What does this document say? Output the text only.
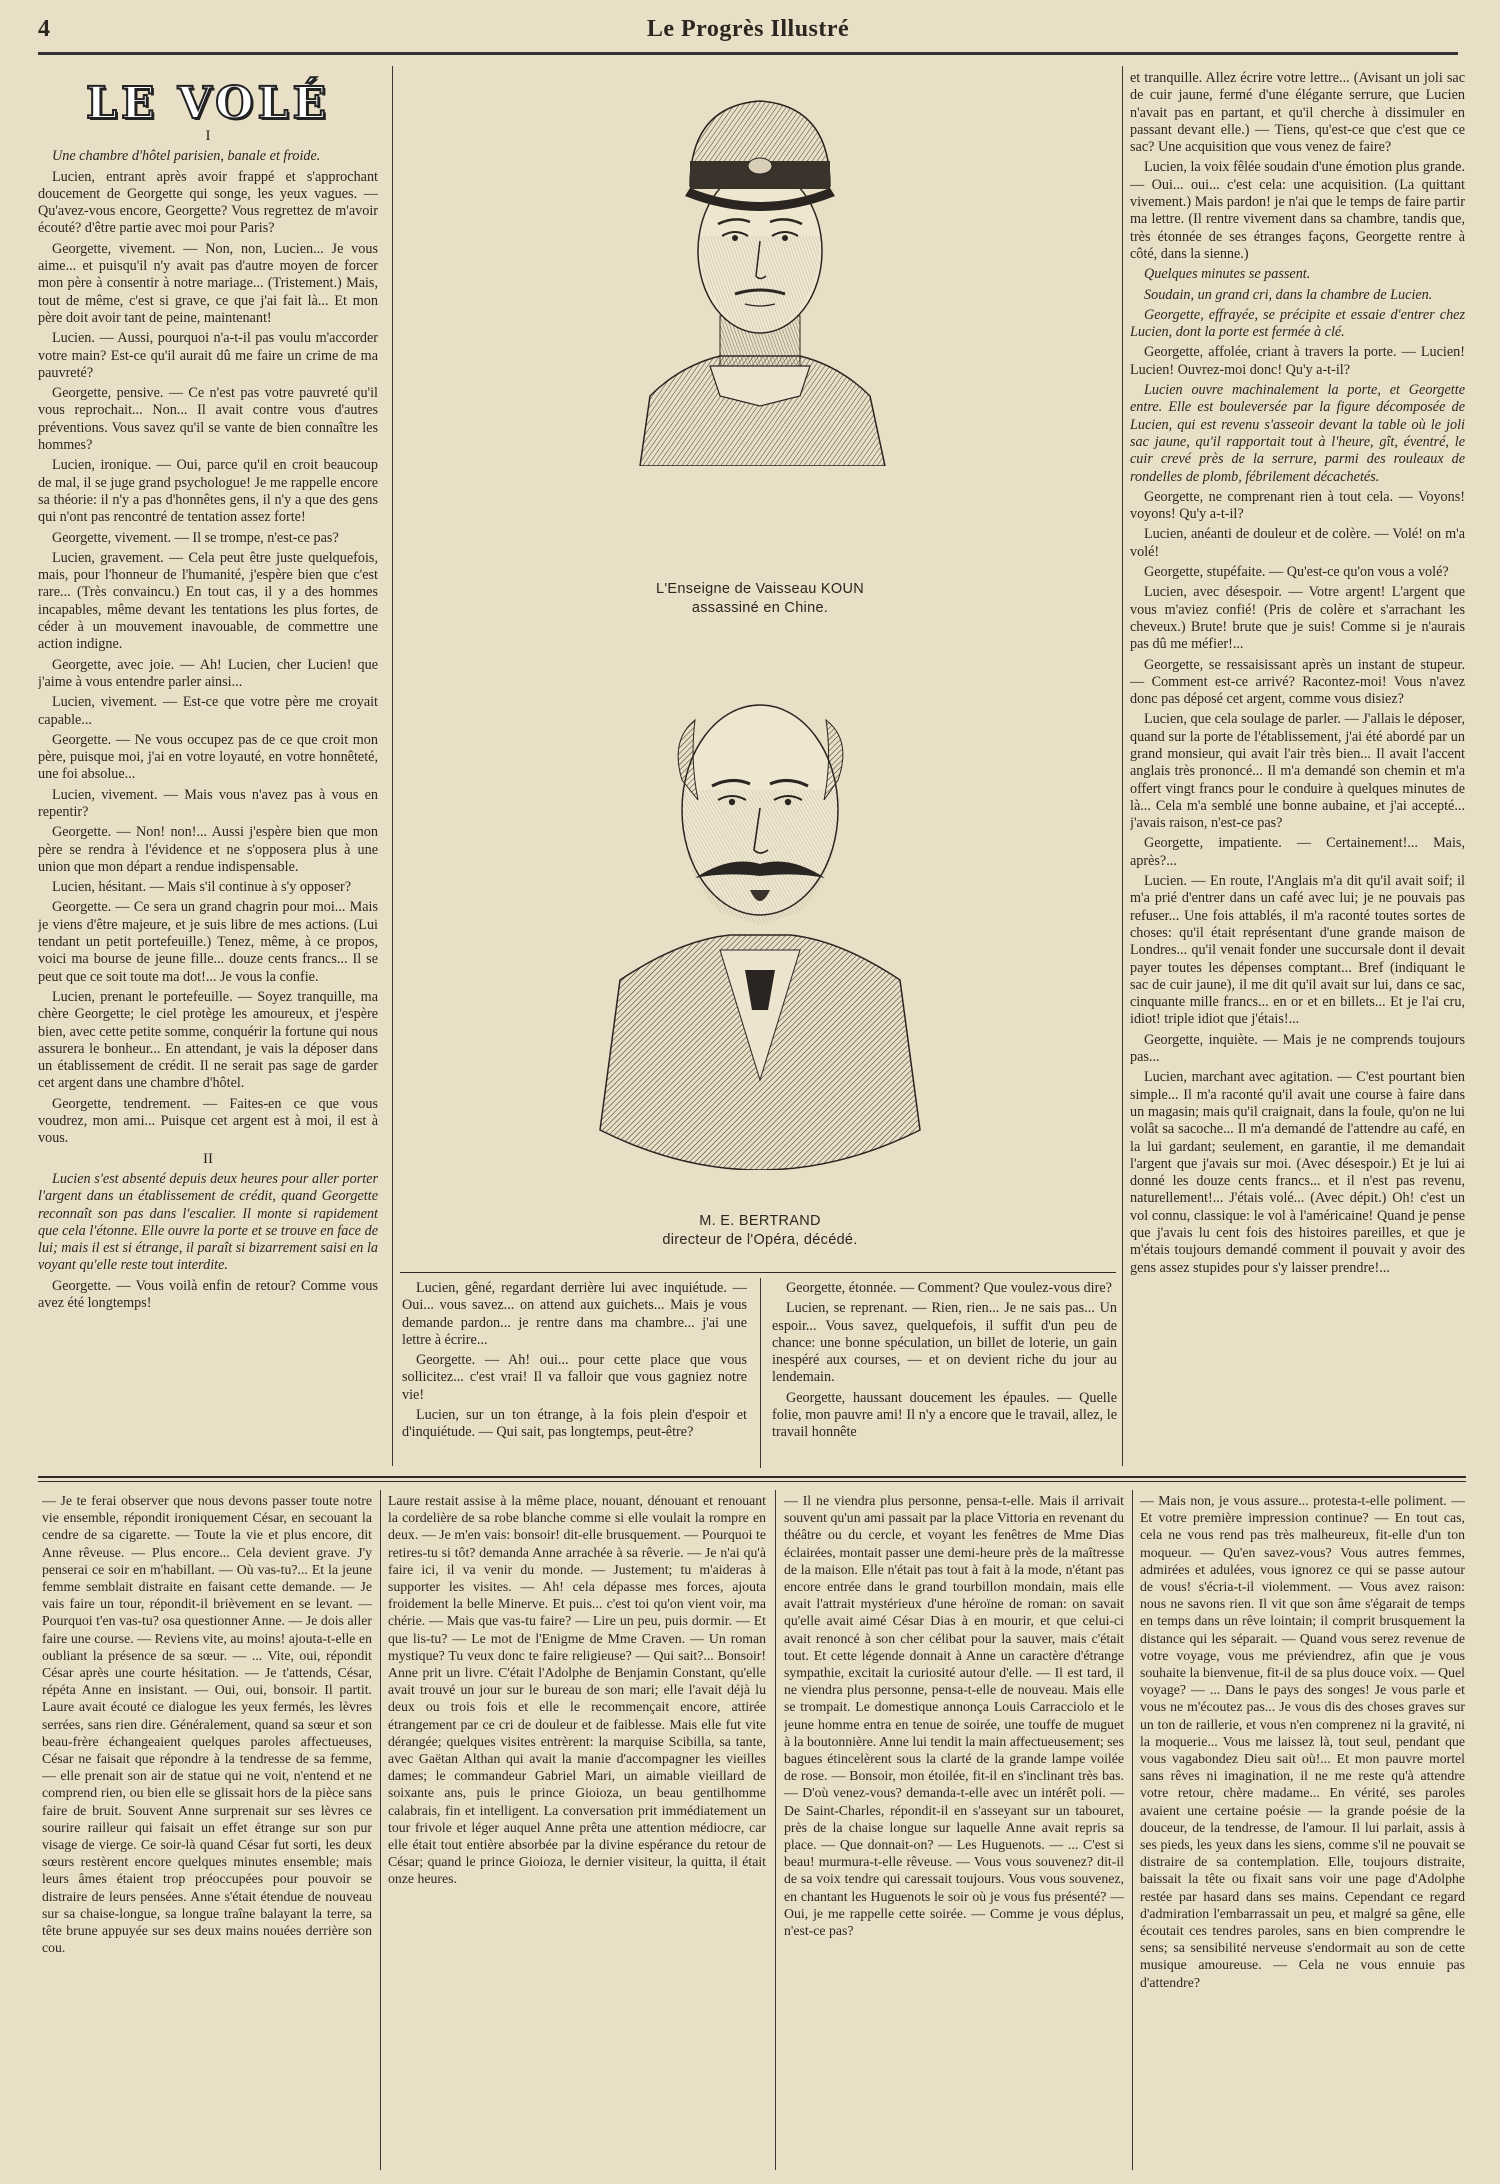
4	Le Progrès Illustré
LE VOLÉ

I

Une chambre d'hôtel parisien, banale et froide.

Lucien, entrant après avoir frappé et s'approchant doucement de Georgette qui songe, les yeux vagues. — Qu'avez-vous encore, Georgette? Vous regrettez de m'avoir écouté? d'être partie avec moi pour Paris?

Georgette, vivement. — Non, non, Lucien... Je vous aime... et puisqu'il n'y avait pas d'autre moyen de forcer mon père à consentir à notre mariage... (Tristement.) Mais, tout de même, c'est si grave, ce que j'ai fait là... Et mon père doit avoir tant de peine, maintenant!

Lucien. — Aussi, pourquoi n'a-t-il pas voulu m'accorder votre main? Est-ce qu'il aurait dû me faire un crime de ma pauvreté?

Georgette, pensive. — Ce n'est pas votre pauvreté qu'il vous reprochait... Non... Il avait contre vous d'autres préventions. Vous savez qu'il se vante de bien connaître les hommes?

Lucien, ironique. — Oui, parce qu'il en croit beaucoup de mal, il se juge grand psychologue! Je me rappelle encore sa théorie: il n'y a pas d'honnêtes gens, il n'y a que des gens qui n'ont pas rencontré de tentation assez forte!

Georgette, vivement. — Il se trompe, n'est-ce pas?

Lucien, gravement. — Cela peut être juste quelquefois, mais, pour l'honneur de l'humanité, j'espère bien que c'est rare... (Très convaincu.) En tout cas, il y a des hommes incapables, même devant les tentations les plus fortes, de céder à un mouvement inavouable, de commettre une action indigne.

Georgette, avec joie. — Ah! Lucien, cher Lucien! que j'aime à vous entendre parler ainsi...

Lucien, vivement. — Est-ce que votre père me croyait capable...

Georgette. — Ne vous occupez pas de ce que croit mon père, puisque moi, j'ai en votre loyauté, en votre honnêteté, une foi absolue...

Lucien, vivement. — Mais vous n'avez pas à vous en repentir?

Georgette. — Non! non!... Aussi j'espère bien que mon père se rendra à l'évidence et ne s'opposera plus à une union que mon départ a rendue indispensable.

Lucien, hésitant. — Mais s'il continue à s'y opposer?

Georgette. — Ce sera un grand chagrin pour moi... Mais je viens d'être majeure, et je suis libre de mes actions. (Lui tendant un petit portefeuille.) Tenez, même, à ce propos, voici ma bourse de jeune fille... douze cents francs... Il se peut que ce soit toute ma dot!... Je vous la confie.

Lucien, prenant le portefeuille. — Soyez tranquille, ma chère Georgette; le ciel protège les amoureux, et j'espère bien, avec cette petite somme, conquérir la fortune qui nous assurera le bonheur... En attendant, je vais la déposer dans un établissement de crédit. Il ne serait pas sage de garder cet argent dans une chambre d'hôtel.

Georgette, tendrement. — Faites-en ce que vous voudrez, mon ami... Puisque cet argent est à moi, il est à vous.

II

Lucien s'est absenté depuis deux heures pour aller porter l'argent dans un établissement de crédit, quand Georgette reconnaît son pas dans l'escalier. Il monte si rapidement que cela l'étonne. Elle ouvre la porte et se trouve en face de lui; mais il est si étrange, il paraît si bizarrement saisi en la voyant qu'elle reste tout interdite.

Georgette. — Vous voilà enfin de retour? Comme vous avez été longtemps!

L'Enseigne de Vaisseau KOUN
assassiné en Chine.
M. E. BERTRAND
directeur de l'Opéra, décédé.

et tranquille. Allez écrire votre lettre... (Avisant un joli sac de cuir jaune, fermé d'une élégante serrure, que Lucien n'avait pas en partant, et qu'il cherche à dissimuler en passant devant elle.) — Tiens, qu'est-ce que c'est que ce sac? Une acquisition que vous venez de faire?

Lucien, la voix fêlée soudain d'une émotion plus grande. — Oui... oui... c'est cela: une acquisition. (La quittant vivement.) Mais pardon! je n'ai que le temps de faire partir ma lettre. (Il rentre vivement dans sa chambre, tandis que, très étonnée de ses étranges façons, Georgette rentre à côté, dans la sienne.)

Quelques minutes se passent.

Soudain, un grand cri, dans la chambre de Lucien.

Georgette, effrayée, se précipite et essaie d'entrer chez Lucien, dont la porte est fermée à clé.

Georgette, affolée, criant à travers la porte. — Lucien! Lucien! Ouvrez-moi donc! Qu'y a-t-il?

Lucien ouvre machinalement la porte, et Georgette entre. Elle est bouleversée par la figure décomposée de Lucien, qui est revenu s'asseoir devant la table où le joli sac jaune, qu'il rapportait tout à l'heure, gît, éventré, le cuir crevé près de la serrure, parmi des rouleaux de rondelles de plomb, fébrilement décachetés.

Georgette, ne comprenant rien à tout cela. — Voyons! voyons! Qu'y a-t-il?

Lucien, anéanti de douleur et de colère. — Volé! on m'a volé!

Georgette, stupéfaite. — Qu'est-ce qu'on vous a volé?

Lucien, avec désespoir. — Votre argent! L'argent que vous m'aviez confié! (Pris de colère et s'arrachant les cheveux.) Brute! brute que je suis! Comme si je n'aurais pas dû me méfier!...

Georgette, se ressaisissant après un instant de stupeur. — Comment est-ce arrivé? Racontez-moi! Vous n'avez donc pas déposé cet argent, comme vous disiez?

Lucien, que cela soulage de parler. — J'allais le déposer, quand sur la porte de l'établissement, j'ai été abordé par un grand monsieur, qui avait l'air très bien... Il avait l'accent anglais très prononcé... Il m'a demandé son chemin et m'a offert vingt francs pour le conduire à quelques minutes de là... Cela m'a semblé une bonne aubaine, et j'ai accepté... j'avais raison, n'est-ce pas?

Georgette, impatiente. — Certainement!... Mais, après?...

Lucien. — En route, l'Anglais m'a dit qu'il avait soif; il m'a prié d'entrer dans un café avec lui; je ne pouvais pas refuser... Une fois attablés, il m'a raconté toutes sortes de choses: qu'il était représentant d'une grande maison de Londres... qu'il venait fonder une succursale dont il devait payer toutes les dépenses comptant... Bref (indiquant le sac de cuir jaune), il me dit qu'il avait sur lui, dans ce sac, cinquante mille francs... en or et en billets... Et je l'ai cru, idiot! triple idiot que j'étais!...

Georgette, inquiète. — Mais je ne comprends toujours pas...

Lucien, marchant avec agitation. — C'est pourtant bien simple... Il m'a raconté qu'il avait une course à faire dans un magasin; mais qu'il craignait, dans la foule, qu'on ne lui volât sa sacoche... Il m'a demandé de l'attendre au café, en la lui gardant; seulement, en garantie, il me demandait l'argent que j'avais sur moi. (Avec désespoir.) Et je lui ai donné les douze cents francs... et il n'est pas revenu, naturellement!... J'étais volé... (Avec dépit.) Oh! c'est un vol connu, classique: le vol à l'américaine! Quand je pense que j'avais lu cent fois des histoires pareilles, et que je m'étais toujours demandé comment il pouvait y avoir des gens assez stupides pour s'y laisser prendre!...

Lucien, gêné, regardant derrière lui avec inquiétude. — Oui... vous savez... on attend aux guichets... Mais je vous demande pardon... je rentre dans ma chambre... j'ai une lettre à écrire...

Georgette. — Ah! oui... pour cette place que vous sollicitez... c'est vrai! Il va falloir que vous gagniez notre vie!

Lucien, sur un ton étrange, à la fois plein d'espoir et d'inquiétude. — Qui sait, pas longtemps, peut-être?

Georgette, étonnée. — Comment? Que voulez-vous dire?

Lucien, se reprenant. — Rien, rien... Je ne sais pas... Un espoir... Vous savez, quelquefois, il suffit d'un peu de chance: une bonne spéculation, un billet de loterie, un gain inespéré aux courses, — et on devient riche du jour au lendemain.

Georgette, haussant doucement les épaules. — Quelle folie, mon pauvre ami! Il n'y a encore que le travail, allez, le travail honnête

— Je te ferai observer que nous devons passer toute notre vie ensemble, répondit ironiquement César, en secouant la cendre de sa cigarette. — Toute la vie et plus encore, dit Anne rêveuse. — Plus encore... Cela devient grave. J'y penserai ce soir en m'habillant. — Où vas-tu?... Et la jeune femme semblait distraite en faisant cette demande. — Je vais faire un tour, répondit-il brièvement en se levant. — Pourquoi t'en vas-tu? osa questionner Anne. — Je dois aller faire une course. — Reviens vite, au moins! ajouta-t-elle en oubliant la présence de sa sœur. — ... Vite, oui, répondit César après une courte hésitation. — Je t'attends, César, répéta Anne en insistant. — Oui, oui, bonsoir. Il partit. Laure avait écouté ce dialogue les yeux fermés, les lèvres serrées, sans rien dire. Généralement, quand sa sœur et son beau-frère échangeaient quelques paroles affectueuses, César ne faisait que répondre à la tendresse de sa femme, — elle prenait son air de statue qui ne voit, n'entend et ne comprend rien, ou bien elle se glissait hors de la pièce sans faire de bruit. Souvent Anne surprenait sur ses lèvres ce sourire railleur qui faisait un effet étrange sur son pur visage de vierge. Ce soir-là quand César fut sorti, les deux sœurs restèrent encore quelques minutes ensemble; mais leurs âmes étaient trop préoccupées pour pouvoir se distraire de leurs pensées. Anne s'était étendue de nouveau sur sa chaise-longue, sa longue traîne balayant la terre, sa tête brune appuyée sur ses deux mains nouées derrière son cou.

Laure restait assise à la même place, nouant, dénouant et renouant la cordelière de sa robe blanche comme si elle voulait la rompre en deux. — Je m'en vais: bonsoir! dit-elle brusquement. — Pourquoi te retires-tu si tôt? demanda Anne arrachée à sa rêverie. — Je n'ai qu'à faire ici, il va venir du monde. — Justement; tu m'aideras à supporter les visites. — Ah! cela dépasse mes forces, ajouta froidement la belle Minerve. Et puis... c'est toi qu'on vient voir, ma chérie. — Mais que vas-tu faire? — Lire un peu, puis dormir. — Et que lis-tu? — Le mot de l'Enigme de Mme Craven. — Un roman mystique? Tu veux donc te faire religieuse? — Qui sait?... Bonsoir! Anne prit un livre. C'était l'Adolphe de Benjamin Constant, qu'elle avait trouvé un jour sur le bureau de son mari; elle l'avait déjà lu deux ou trois fois et elle le recommençait encore, attirée étrangement par ce cri de douleur et de faiblesse. Mais elle fut vite dérangée; quelques visites entrèrent: la marquise Scibilla, sa tante, avec Gaëtan Althan qui avait la manie d'accompagner les vieilles dames; le commandeur Gabriel Mari, un aimable vieillard de soixante ans, puis le prince Gioioza, un beau gentilhomme calabrais, fin et intelligent. La conversation prit immédiatement un tour frivole et léger auquel Anne prêta une attention médiocre, car elle était tout entière absorbée par la divine espérance du retour de César; quand le prince Gioioza, le dernier visiteur, la quitta, il était onze heures.

— Il ne viendra plus personne, pensa-t-elle. Mais il arrivait souvent qu'un ami passait par la place Vittoria en revenant du théâtre ou du cercle, et voyant les fenêtres de Mme Dias éclairées, montait passer une demi-heure près de la maîtresse de la maison. Elle n'était pas tout à fait à la mode, n'étant pas encore entrée dans le grand tourbillon mondain, mais elle avait l'attrait mystérieux d'une héroïne de roman: on savait qu'elle avait aimé César Dias à en mourir, et que celui-ci avait renoncé à son cher célibat pour la sauver, mais c'était tout. Et cette légende donnait à Anne un caractère d'étrange sympathie, excitait la curiosité autour d'elle. — Il est tard, il ne viendra plus personne, pensa-t-elle de nouveau. Mais elle se trompait. Le domestique annonça Louis Carracciolo et le jeune homme entra en tenue de soirée, une touffe de muguet à la boutonnière. Anne lui tendit la main affectueusement; ses bagues étincelèrent sous la clarté de la grande lampe voilée de rose. — Bonsoir, mon étoilée, fit-il en s'inclinant très bas. — D'où venez-vous? demanda-t-elle avec un intérêt poli. — De Saint-Charles, répondit-il en s'asseyant sur un tabouret, près de la chaise longue sur laquelle Anne avait repris sa place. — Que donnait-on? — Les Huguenots. — ... C'est si beau! murmura-t-elle rêveuse. — Vous vous souvenez? dit-il de sa voix tendre qui caressait toujours. Vous vous souvenez, en chantant les Huguenots le soir où je vous fus présenté? — Oui, je me rappelle cette soirée. — Comme je vous déplus, n'est-ce pas?

— Mais non, je vous assure... protesta-t-elle poliment. — Et votre première impression continue? — En tout cas, cela ne vous rend pas très malheureux, fit-elle d'un ton moqueur. — Qu'en savez-vous? Vous autres femmes, admirées et adulées, vous ignorez ce qui se passe autour de vous! s'écria-t-il violemment. — Vous avez raison: nous ne savons rien. Il vit que son âme s'égarait de temps en temps dans un rêve lointain; il comprit brusquement la distance qui les séparait. — Quand vous serez revenue de votre voyage, vous me préviendrez, afin que je vous souhaite la bienvenue, fit-il de sa plus douce voix. — Quel voyage? — ... Dans le pays des songes! Je vous parle et vous ne m'écoutez pas... Je vous dis des choses graves sur un ton de raillerie, et vous n'en comprenez ni la gravité, ni la moquerie... Vous me laissez là, tout seul, pendant que vous vagabondez Dieu sait où!... Et mon pauvre mortel sans rêves ni imagination, il ne me reste qu'à attendre votre retour, chère madame... En vérité, ses paroles avaient une certaine poésie — la grande poésie de la douceur, de la tendresse, de l'amour. Il lui parlait, assis à ses pieds, les yeux dans les siens, comme s'il ne pouvait se distraire de sa contemplation. Elle, toujours distraite, baissait la tête ou fixait sans voir une page d'Adolphe restée par hasard dans ses mains. Cependant ce regard d'admiration l'embarrassait un peu, et malgré sa gêne, elle écoutait ces tendres paroles, sans en bien comprendre le sens; sa sensibilité nerveuse s'endormait au son de cette musique amoureuse. — Cela ne vous ennuie pas d'attendre?
